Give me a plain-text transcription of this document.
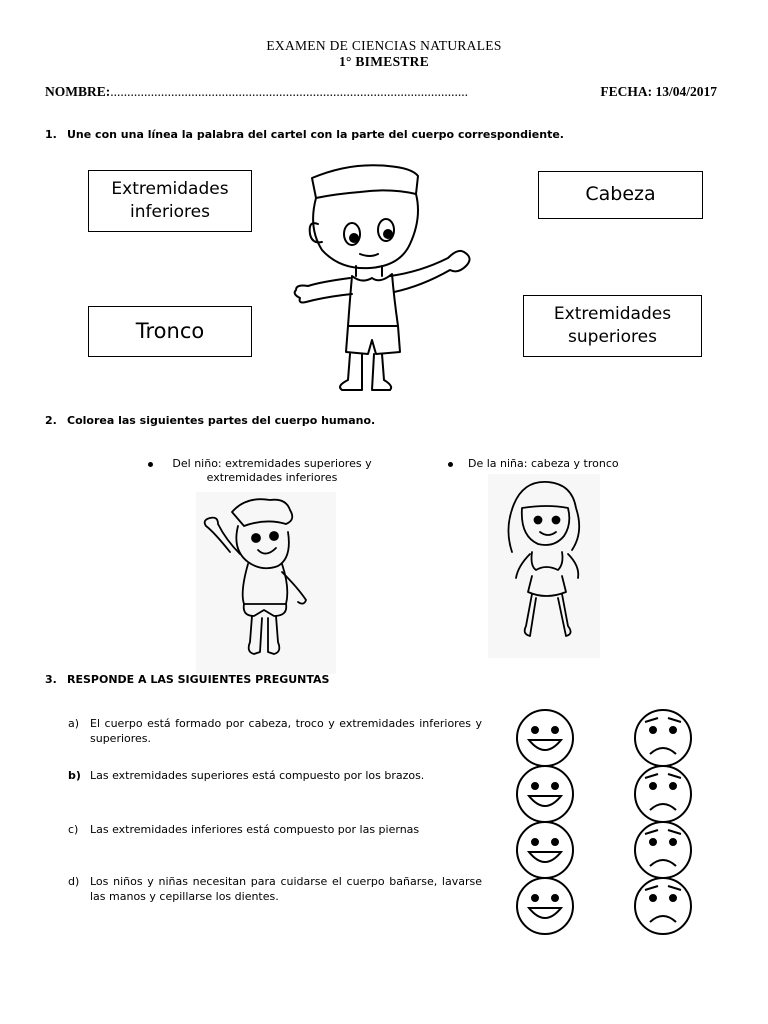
EXAMEN DE CIENCIAS NATURALES
1° BIMESTRE
NOMBRE: ..........................................................................................................	FECHA: 13/04/2017
1. Une con una línea la palabra del cartel con la parte del cuerpo correspondiente.
Extremidades inferiores
Cabeza
Tronco
Extremidades superiores
2. Colorea las siguientes partes del cuerpo humano.
Del niño: extremidades superiores y extremidades inferiores
De la niña: cabeza y tronco
3. RESPONDE A LAS SIGUIENTES PREGUNTAS
a) El cuerpo está formado por cabeza, troco y extremidades inferiores y superiores.
b) Las extremidades superiores está compuesto por los brazos.
c) Las extremidades inferiores está compuesto por las piernas
d) Los niños y niñas necesitan para cuidarse el cuerpo bañarse, lavarse las manos y cepillarse los dientes.
